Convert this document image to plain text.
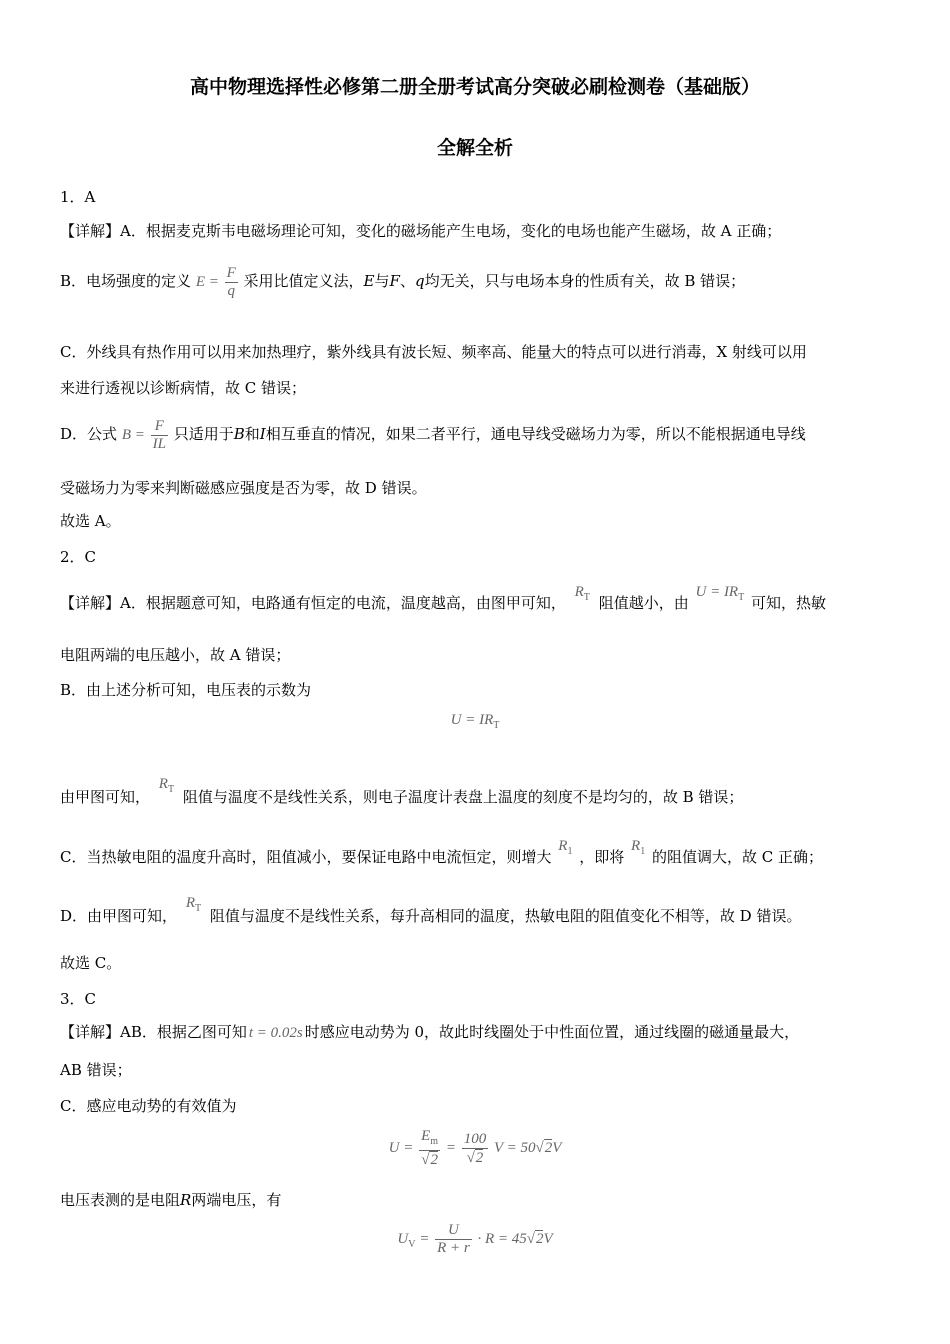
高中物理选择性必修第二册全册考试高分突破必刷检测卷（基础版）
全解全析
1．A
【详解】A．根据麦克斯韦电磁场理论可知，变化的磁场能产生电场，变化的电场也能产生磁场，故 A 正确；
B．电场强度的定义 $E = \frac{F}{q}$ 采用比值定义法，E与F、q均无关，只与电场本身的性质有关，故 B 错误；
C．外线具有热作用可以用来加热理疗，紫外线具有波长短、频率高、能量大的特点可以进行消毒，X 射线可以用
来进行透视以诊断病情，故 C 错误；
D．公式 $B = \frac{F}{IL}$ 只适用于B和I相互垂直的情况，如果二者平行，通电导线受磁场力为零，所以不能根据通电导线
受磁场力为零来判断磁感应强度是否为零，故 D 错误。
故选 A。
2．C
【详解】A．根据题意可知，电路通有恒定的电流，温度越高，由图甲可知， $R_T$ 阻值越小，由 $U = IR_T$ 可知，热敏
电阻两端的电压越小，故 A 错误；
B．由上述分析可知，电压表的示数为
$U = IR_T$
由甲图可知， $R_T$ 阻值与温度不是线性关系，则电子温度计表盘上温度的刻度不是均匀的，故 B 错误；
C．当热敏电阻的温度升高时，阻值减小，要保证电路中电流恒定，则增大 $R_1$ ，即将 $R_1$ 的阻值调大，故 C 正确；
D．由甲图可知， $R_T$ 阻值与温度不是线性关系，每升高相同的温度，热敏电阻的阻值变化不相等，故 D 错误。
故选 C。
3．C
【详解】AB．根据乙图可知 t = 0.02s 时感应电动势为 0，故此时线圈处于中性面位置，通过线圈的磁通量最大，
AB 错误；
C．感应电动势的有效值为
$U = \frac{E_m}{√2} = \frac{100}{√2}$ V = 50√2V
电压表测的是电阻R两端电压，有
$U_V = \frac{U}{R + r} \cdot R = 45√2V$
